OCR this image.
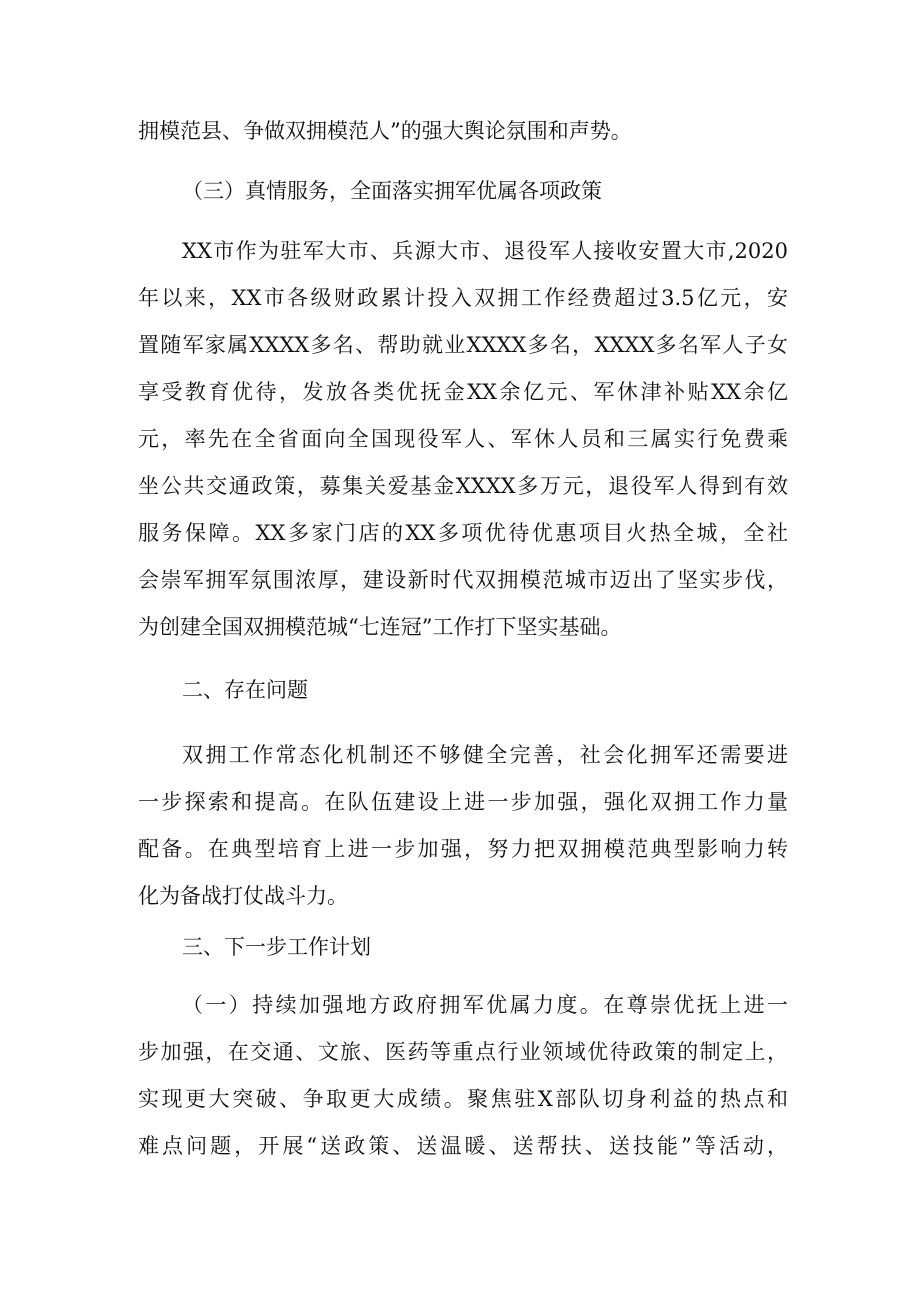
拥模范县、争做双拥模范人”的强大舆论氛围和声势。
（三）真情服务，全面落实拥军优属各项政策
XX市作为驻军大市、兵源大市、退役军人接收安置大市,2020
年以来，XX市各级财政累计投入双拥工作经费超过3.5亿元，安
置随军家属XXXX多名、帮助就业XXXX多名，XXXX多名军人子女
享受教育优待，发放各类优抚金XX余亿元、军休津补贴XX余亿
元，率先在全省面向全国现役军人、军休人员和三属实行免费乘
坐公共交通政策，募集关爱基金XXXX多万元，退役军人得到有效
服务保障。XX多家门店的XX多项优待优惠项目火热全城，全社
会崇军拥军氛围浓厚，建设新时代双拥模范城市迈出了坚实步伐，
为创建全国双拥模范城“七连冠”工作打下坚实基础。
二、存在问题
双拥工作常态化机制还不够健全完善，社会化拥军还需要进
一步探索和提高。在队伍建设上进一步加强，强化双拥工作力量
配备。在典型培育上进一步加强，努力把双拥模范典型影响力转
化为备战打仗战斗力。
三、下一步工作计划
（一）持续加强地方政府拥军优属力度。在尊崇优抚上进一
步加强，在交通、文旅、医药等重点行业领域优待政策的制定上，
实现更大突破、争取更大成绩。聚焦驻X部队切身利益的热点和
难点问题，开展“送政策、送温暖、送帮扶、送技能”等活动，
